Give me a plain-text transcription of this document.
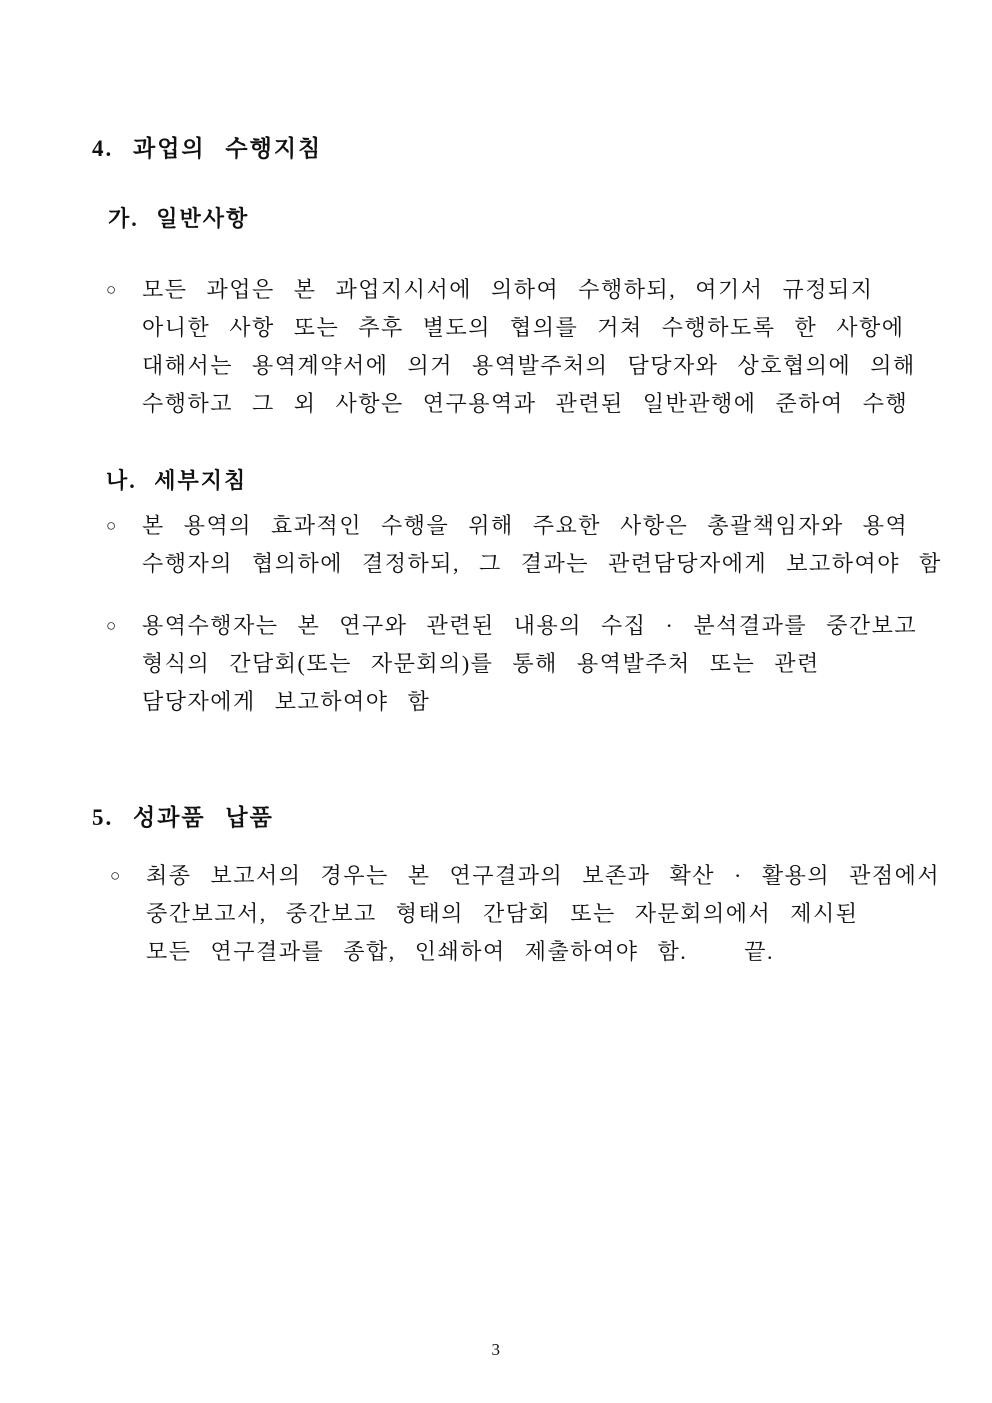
4. 과업의 수행지침
가. 일반사항
○	모든 과업은 본 과업지시서에 의하여 수행하되, 여기서 규정되지
아니한 사항 또는 추후 별도의 협의를 거쳐 수행하도록 한 사항에
대해서는 용역계약서에 의거 용역발주처의 담당자와 상호협의에 의해
수행하고 그 외 사항은 연구용역과 관련된 일반관행에 준하여 수행
나. 세부지침
○	본 용역의 효과적인 수행을 위해 주요한 사항은 총괄책임자와 용역
수행자의 협의하에 결정하되, 그 결과는 관련담당자에게 보고하여야 함
○	용역수행자는 본 연구와 관련된 내용의 수집 · 분석결과를 중간보고
형식의 간담회(또는 자문회의)를 통해 용역발주처 또는 관련
담당자에게 보고하여야 함
5. 성과품 납품
○	최종 보고서의 경우는 본 연구결과의 보존과 확산 · 활용의 관점에서
중간보고서, 중간보고 형태의 간담회 또는 자문회의에서 제시된
모든 연구결과를 종합, 인쇄하여 제출하여야 함.   끝.
3
